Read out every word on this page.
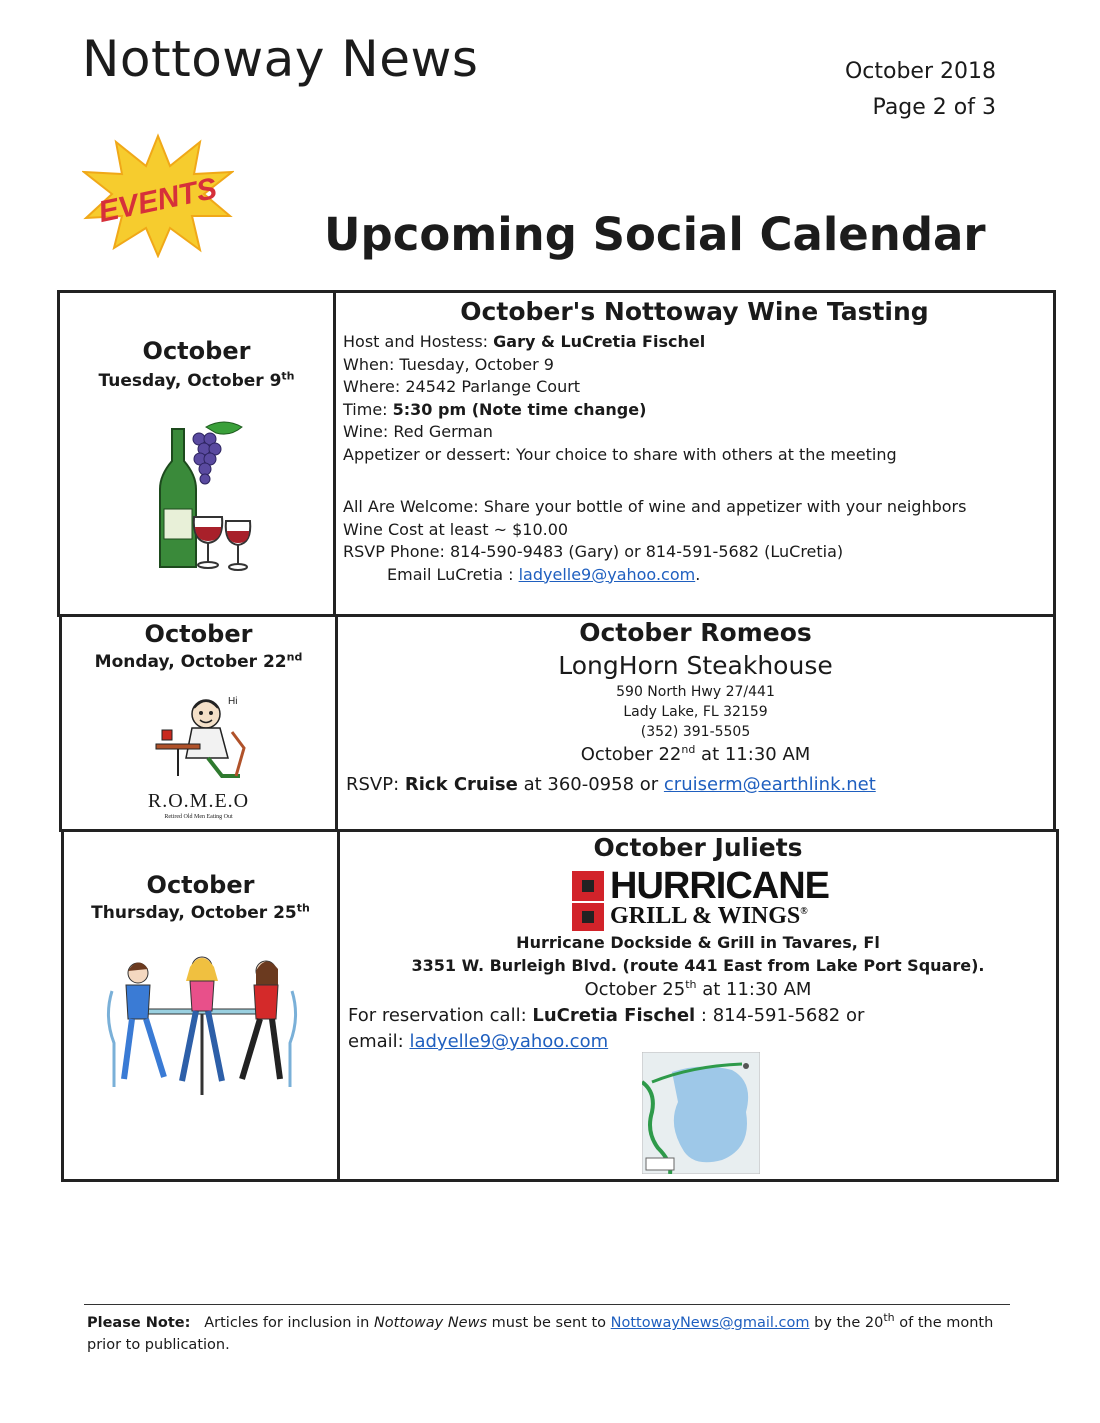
Nottoway News	October 2018
Page 2 of 3
EVENTS
Upcoming Social Calendar
October
Tuesday, October 9th
October's Nottoway Wine Tasting
Host and Hostess: Gary & LuCretia Fischel
When: Tuesday, October 9
Where: 24542 Parlange Court
Time: 5:30 pm (Note time change)
Wine: Red German
Appetizer or dessert: Your choice to share with others at the meeting
All Are Welcome: Share your bottle of wine and appetizer with your neighbors
Wine Cost at least ~ $10.00
RSVP Phone: 814-590-9483 (Gary) or 814-591-5682 (LuCretia)
Email LuCretia : ladyelle9@yahoo.com.
October
Monday, October 22nd
Hi
R.O.M.E.O
Retired Old Men Eating Out
October Romeos
LongHorn Steakhouse
590 North Hwy 27/441
Lady Lake, FL 32159
(352) 391-5505
October 22nd at 11:30 AM
RSVP: Rick Cruise at 360-0958 or cruiserm@earthlink.net
October
Thursday, October 25th
October Juliets
HURRICANE
GRILL & WINGS®
Hurricane Dockside & Grill in Tavares, Fl
3351 W. Burleigh Blvd. (route 441 East from Lake Port Square).
October 25th at 11:30 AM
For reservation call: LuCretia Fischel : 814-591-5682 or
email: ladyelle9@yahoo.com
Please Note: Articles for inclusion in Nottoway News must be sent to NottowayNews@gmail.com by the 20th of the month prior to publication.
